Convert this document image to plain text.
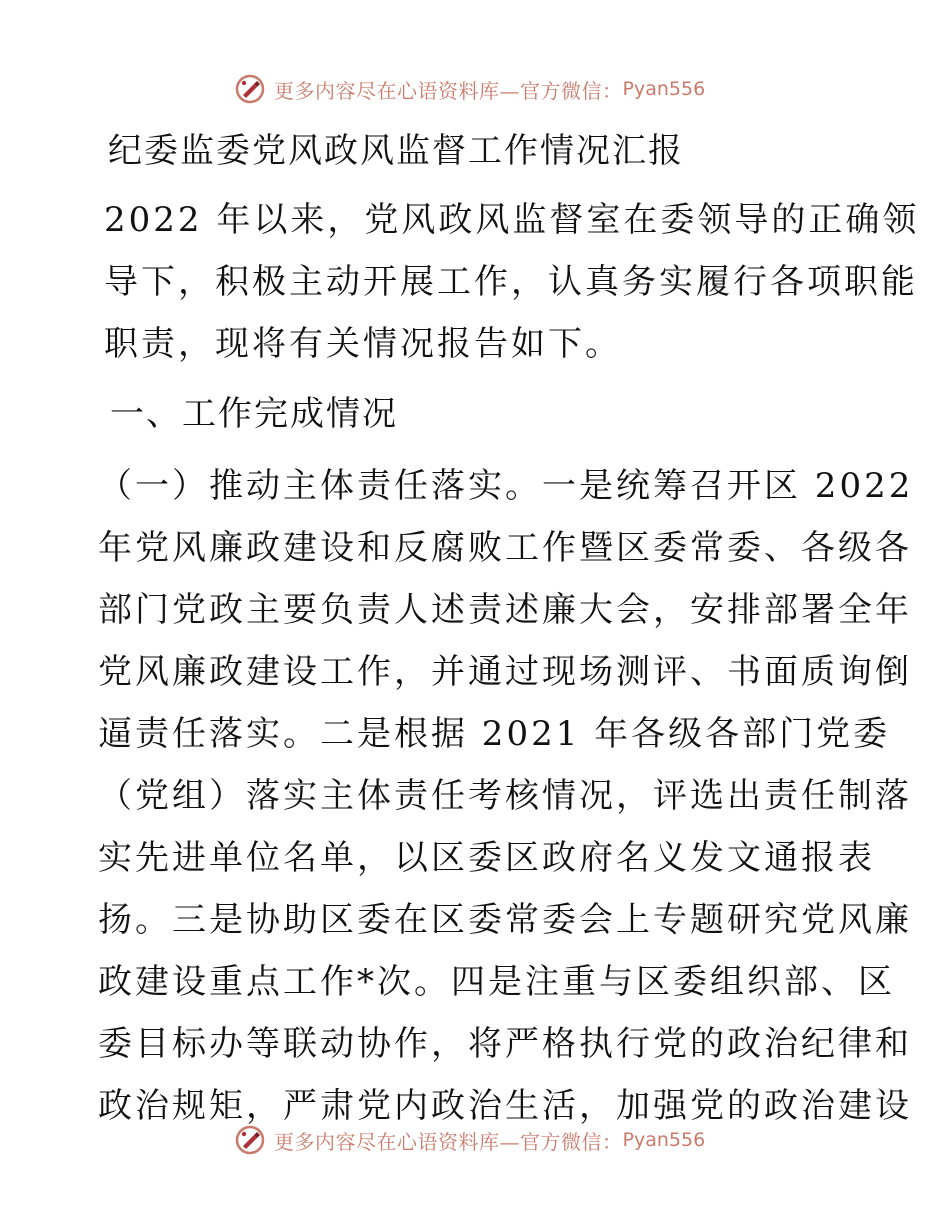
更多内容尽在心语资料库—官方微信： Pyan556
纪委监委党风政风监督工作情况汇报
2022 年以来，党风政风监督室在委领导的正确领
导下，积极主动开展工作，认真务实履行各项职能
职责，现将有关情况报告如下。
一、工作完成情况
（一）推动主体责任落实。一是统筹召开区 2022
年党风廉政建设和反腐败工作暨区委常委、各级各
部门党政主要负责人述责述廉大会，安排部署全年
党风廉政建设工作，并通过现场测评、书面质询倒
逼责任落实。二是根据 2021 年各级各部门党委
（党组）落实主体责任考核情况，评选出责任制落
实先进单位名单，以区委区政府名义发文通报表
扬。三是协助区委在区委常委会上专题研究党风廉
政建设重点工作*次。四是注重与区委组织部、区
委目标办等联动协作，将严格执行党的政治纪律和
政治规矩，严肃党内政治生活，加强党的政治建设
更多内容尽在心语资料库—官方微信： Pyan556
